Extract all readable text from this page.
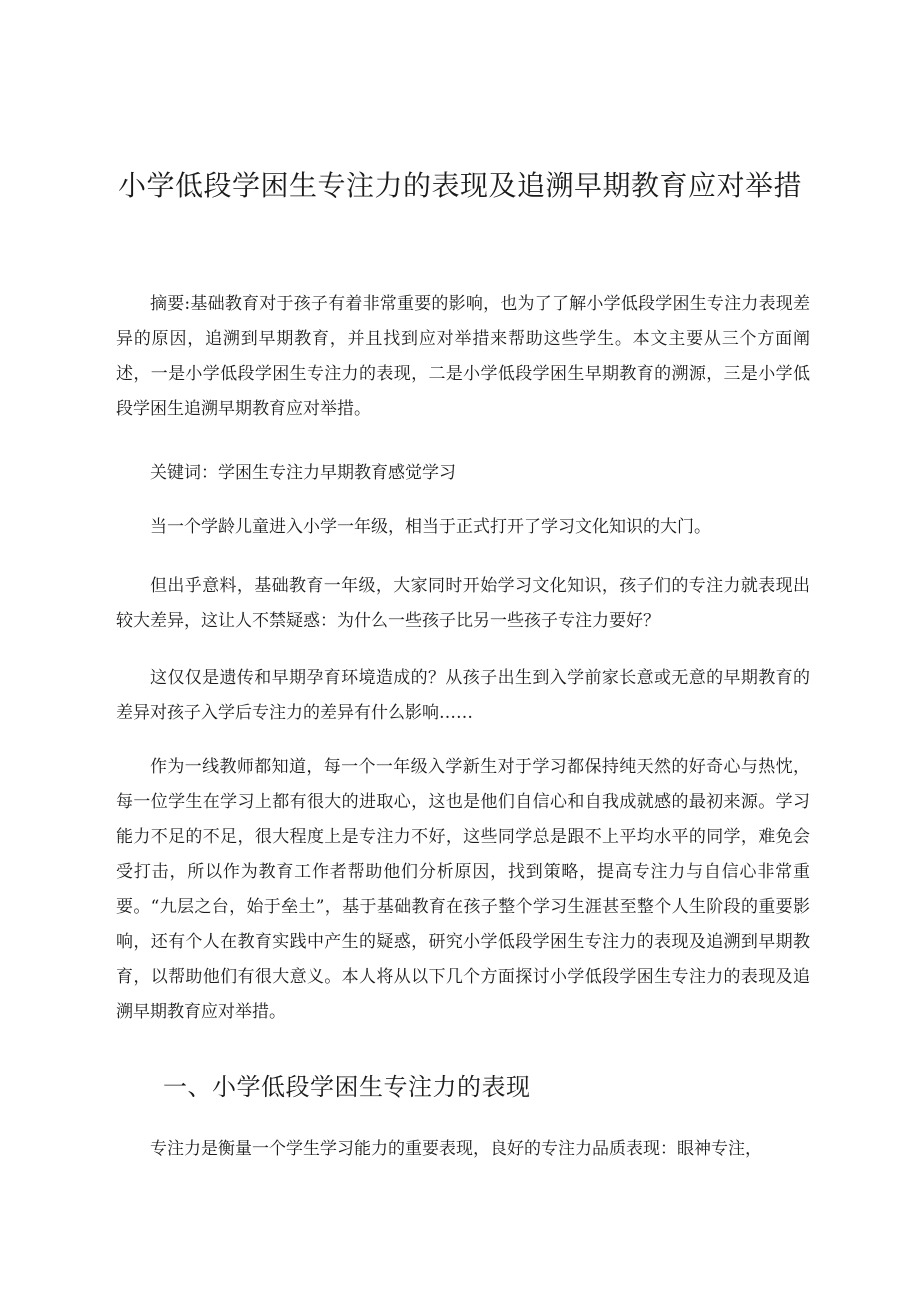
小学低段学困生专注力的表现及追溯早期教育应对举措

摘要:基础教育对于孩子有着非常重要的影响，也为了了解小学低段学困生专注力表现差异的原因，追溯到早期教育，并且找到应对举措来帮助这些学生。本文主要从三个方面阐述，一是小学低段学困生专注力的表现，二是小学低段学困生早期教育的溯源，三是小学低段学困生追溯早期教育应对举措。

关键词：学困生专注力早期教育感觉学习

当一个学龄儿童进入小学一年级，相当于正式打开了学习文化知识的大门。

但出乎意料，基础教育一年级，大家同时开始学习文化知识，孩子们的专注力就表现出较大差异，这让人不禁疑惑：为什么一些孩子比另一些孩子专注力要好？

这仅仅是遗传和早期孕育环境造成的？从孩子出生到入学前家长意或无意的早期教育的差异对孩子入学后专注力的差异有什么影响……

作为一线教师都知道，每一个一年级入学新生对于学习都保持纯天然的好奇心与热忱，每一位学生在学习上都有很大的进取心，这也是他们自信心和自我成就感的最初来源。学习能力不足的不足，很大程度上是专注力不好，这些同学总是跟不上平均水平的同学，难免会受打击，所以作为教育工作者帮助他们分析原因，找到策略，提高专注力与自信心非常重要。“九层之台，始于垒土”，基于基础教育在孩子整个学习生涯甚至整个人生阶段的重要影响，还有个人在教育实践中产生的疑惑，研究小学低段学困生专注力的表现及追溯到早期教育，以帮助他们有很大意义。本人将从以下几个方面探讨小学低段学困生专注力的表现及追溯早期教育应对举措。

一、小学低段学困生专注力的表现

专注力是衡量一个学生学习能力的重要表现，良好的专注力品质表现：眼神专注，
